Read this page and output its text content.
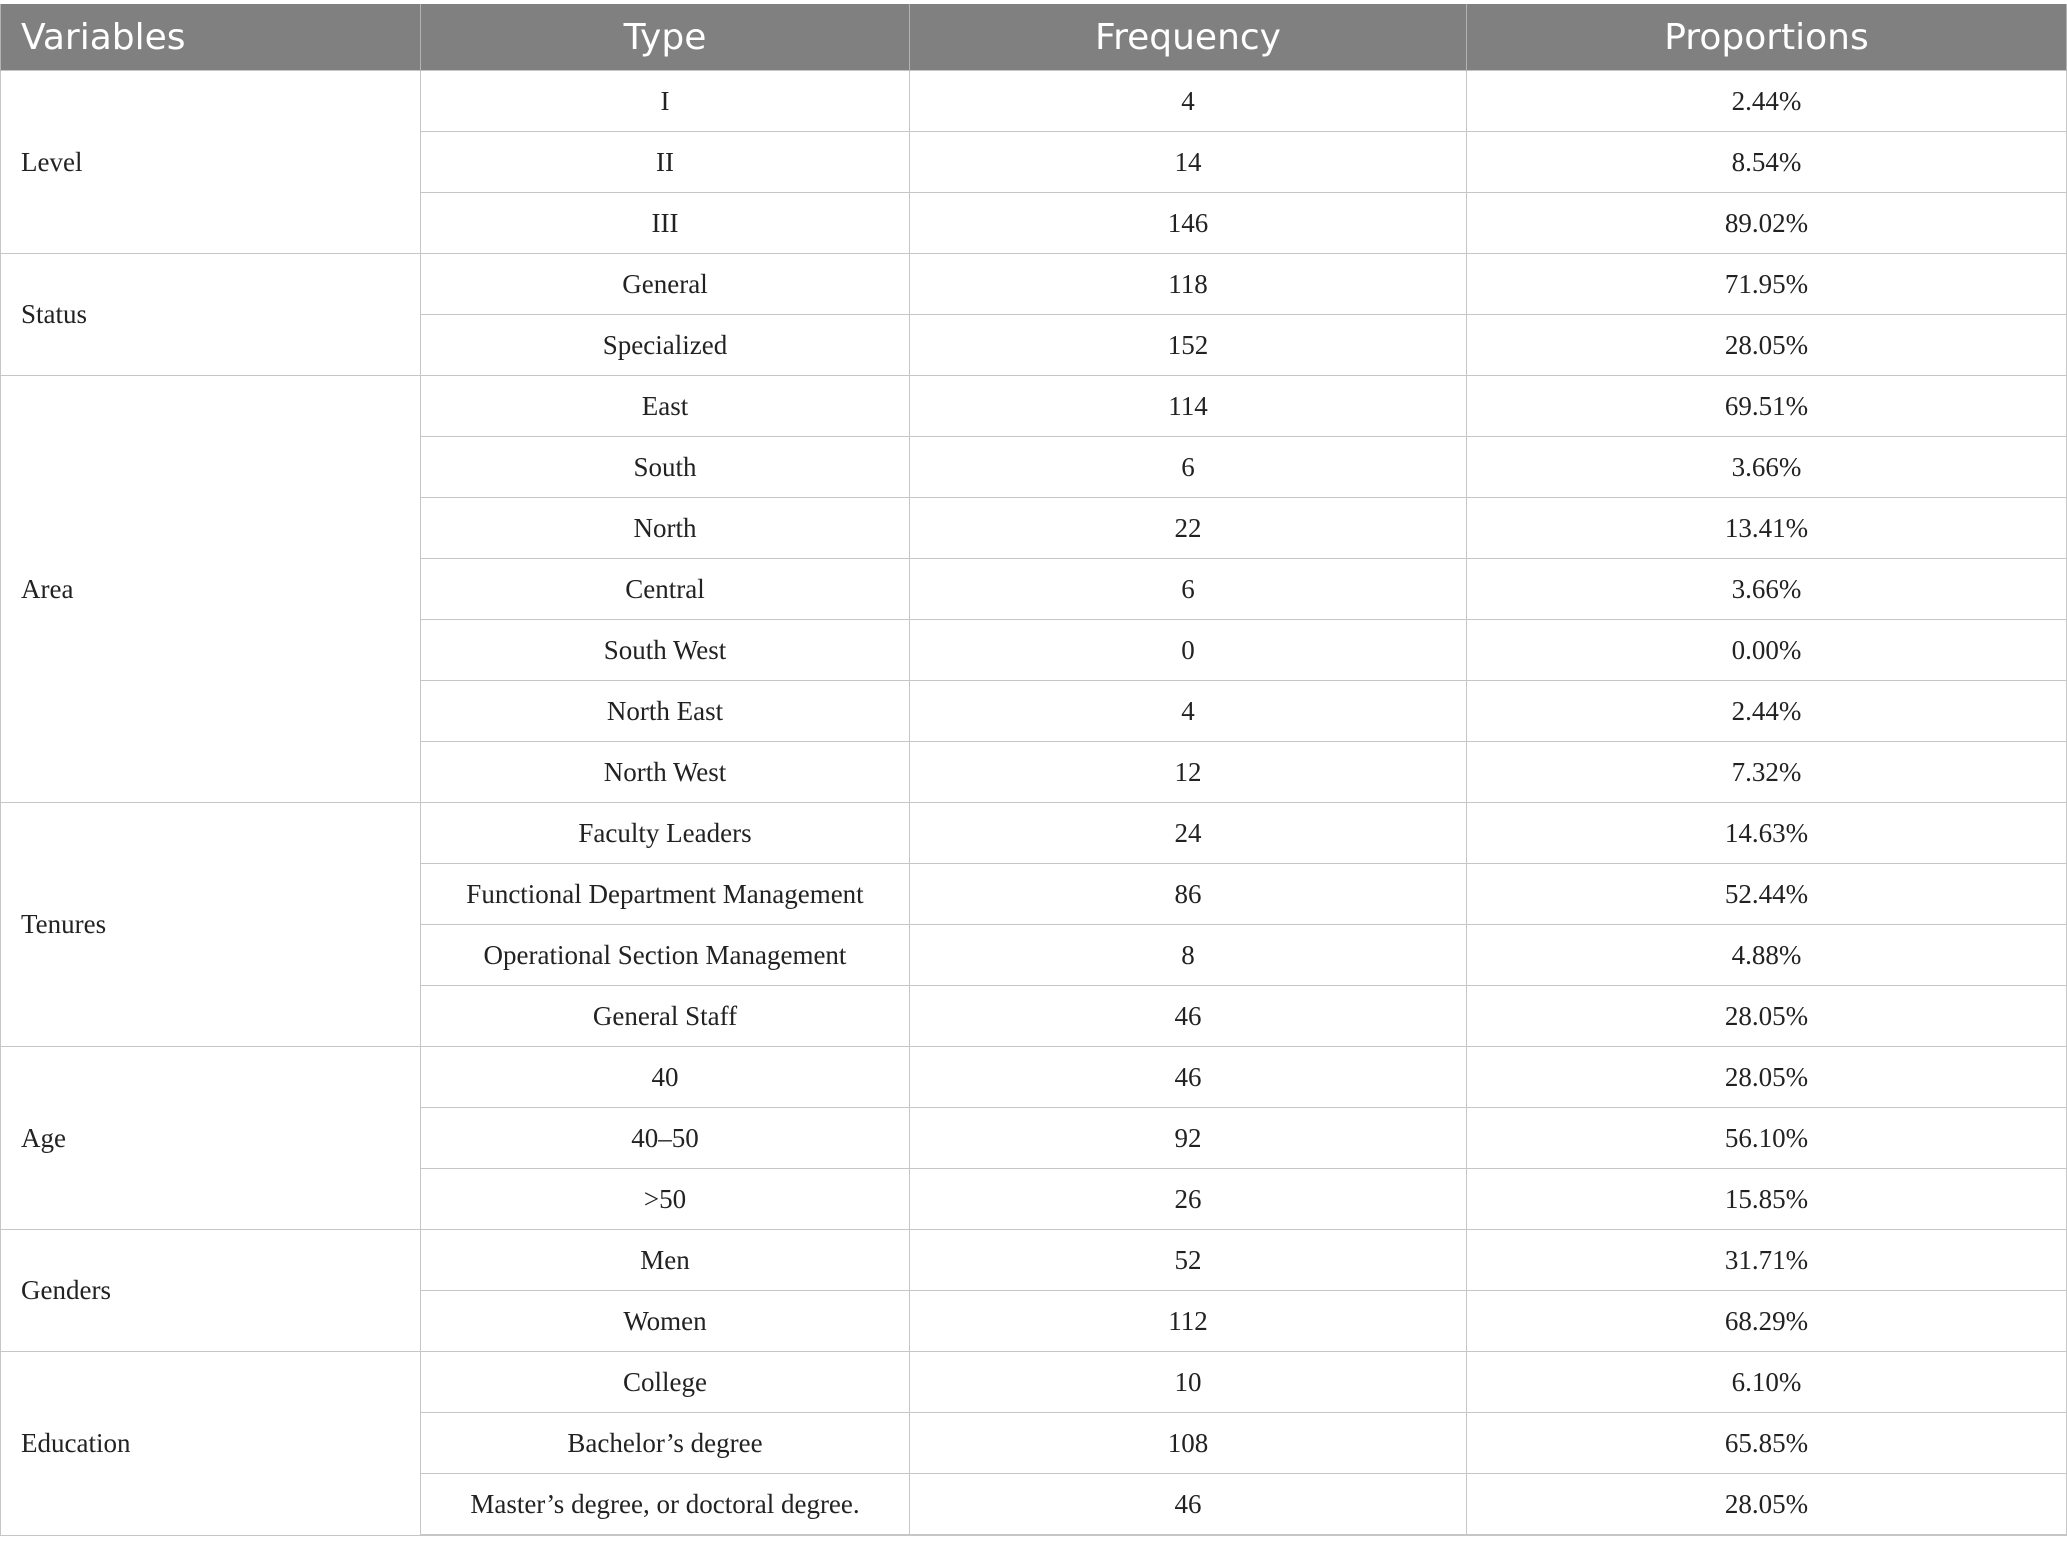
Variables	Type	Frequency	Proportions
Level	I	4	2.44%
	II	14	8.54%
	III	146	89.02%
Status	General	118	71.95%
	Specialized	152	28.05%
Area	East	114	69.51%
	South	6	3.66%
	North	22	13.41%
	Central	6	3.66%
	South West	0	0.00%
	North East	4	2.44%
	North West	12	7.32%
Tenures	Faculty Leaders	24	14.63%
	Functional Department Management	86	52.44%
	Operational Section Management	8	4.88%
	General Staff	46	28.05%
Age	40	46	28.05%
	40–50	92	56.10%
	>50	26	15.85%
Genders	Men	52	31.71%
	Women	112	68.29%
Education	College	10	6.10%
	Bachelor’s degree	108	65.85%
	Master’s degree, or doctoral degree.	46	28.05%
